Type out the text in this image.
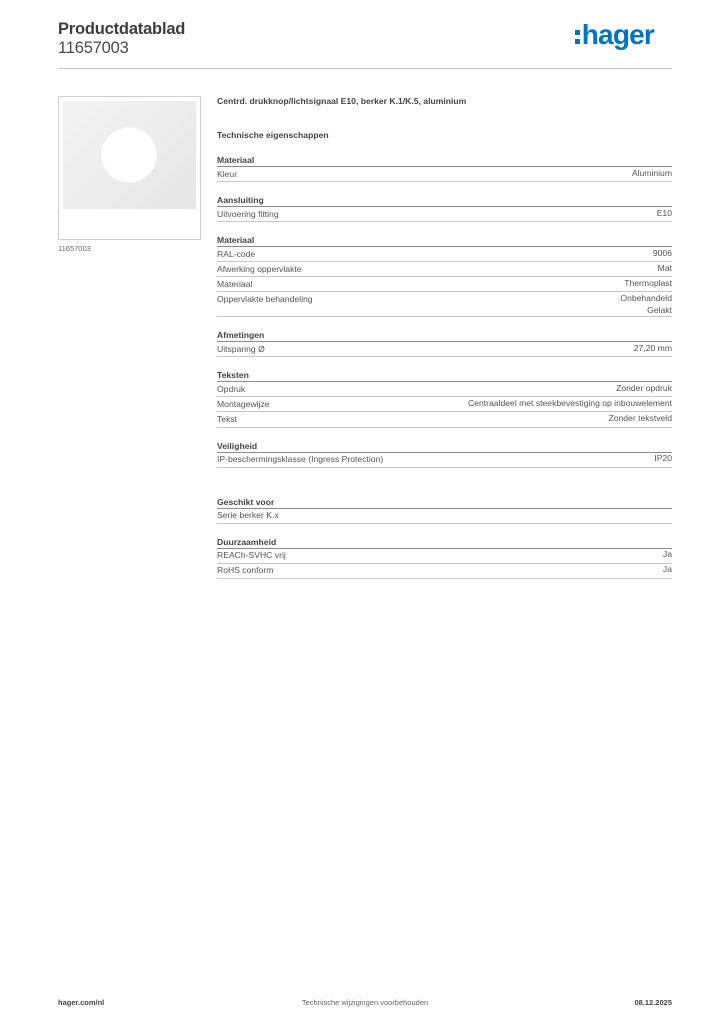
Productdatablad
11657003	hager
11657003
Centrd. drukknop/lichtsignaal E10, berker K.1/K.5, aluminium
Technische eigenschappen
Materiaal
Kleur	Aluminium
Aansluiting
Uitvoering fitting	E10
Materiaal
RAL-code	9006
Afwerking oppervlakte	Mat
Materiaal	Thermoplast
Oppervlakte behandeling	Onbehandeld
Gelakt
Afmetingen
Uitsparing Ø	27,20 mm
Teksten
Opdruk	Zonder opdruk
Montagewijze	Centraaldeel met steekbevestiging op inbouwelement
Tekst	Zonder tekstveld
Veiligheid
IP-beschermingsklasse (Ingress Protection)	IP20
Geschikt voor
Serie berker K.x
Duurzaamheid
REACh-SVHC vrij	Ja
RoHS conform	Ja
hager.com/nl	Technische wijzigingen voorbehouden	08.12.2025
